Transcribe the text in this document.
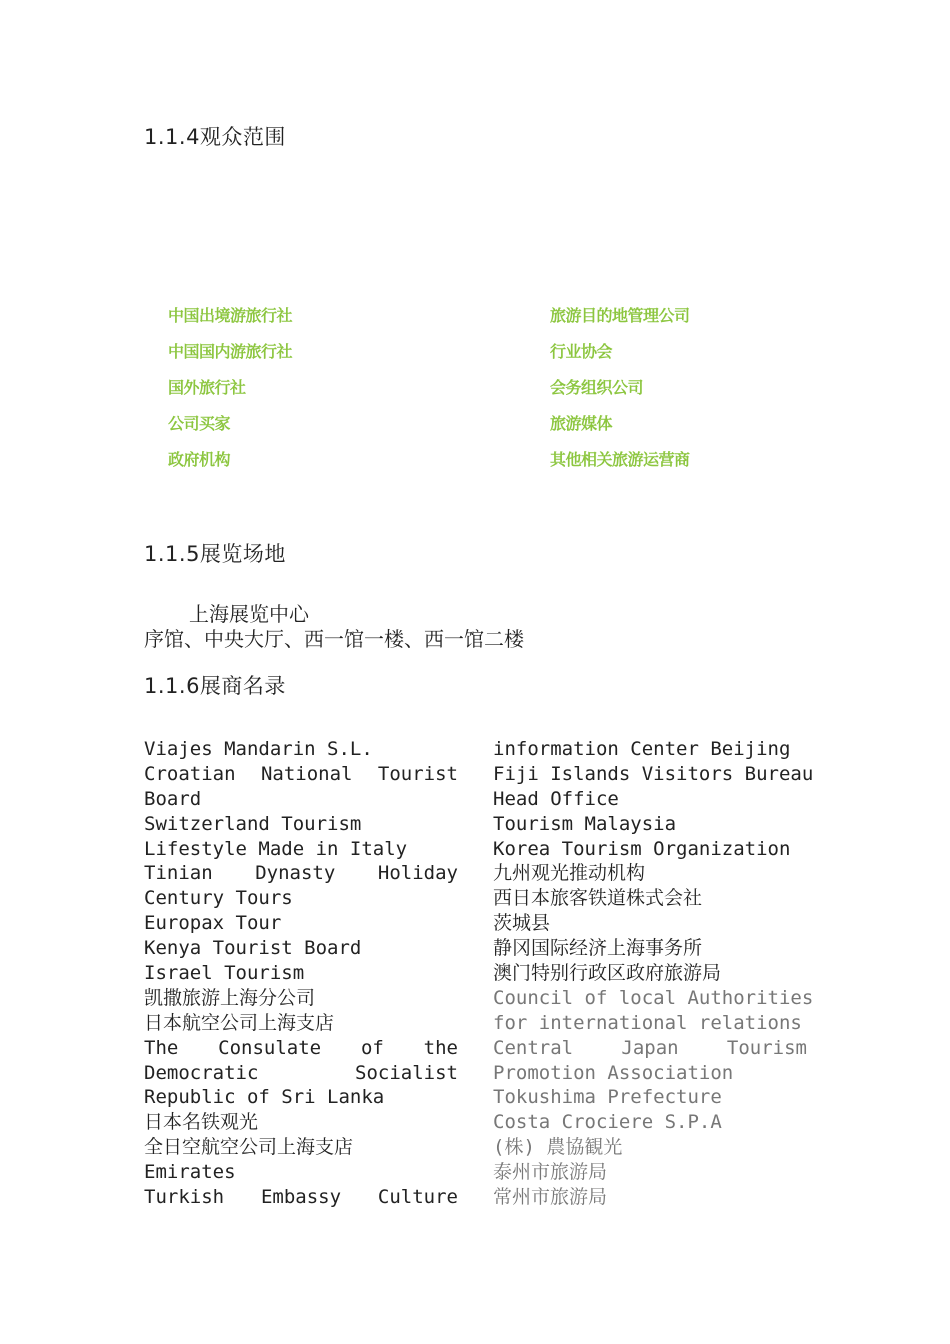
1.1.4观众范围
中国出境游旅行社
中国国内游旅行社
国外旅行社
公司买家
政府机构
旅游目的地管理公司
行业协会
会务组织公司
旅游媒体
其他相关旅游运营商
1.1.5展览场地
上海展览中心
序馆、中央大厅、西一馆一楼、西一馆二楼
1.1.6展商名录
Viajes Mandarin S.L.
Croatian National Tourist
Board
Switzerland Tourism
Lifestyle Made in Italy
Tinian Dynasty Holiday
Century Tours
Europax Tour
Kenya Tourist Board
Israel Tourism
凯撒旅游上海分公司
日本航空公司上海支店
The Consulate of the
Democratic Socialist
Republic of Sri Lanka
日本名铁观光
全日空航空公司上海支店
Emirates
Turkish Embassy Culture
information Center Beijing
Fiji Islands Visitors Bureau
Head Office
Tourism Malaysia
Korea Tourism Organization
九州观光推动机构
西日本旅客铁道株式会社
茨城县
静冈国际经济上海事务所
澳门特别行政区政府旅游局
Council of local Authorities
for international relations
Central Japan Tourism
Promotion Association
Tokushima Prefecture
Costa Crociere S.P.A
(株) 農協観光
泰州市旅游局
常州市旅游局
